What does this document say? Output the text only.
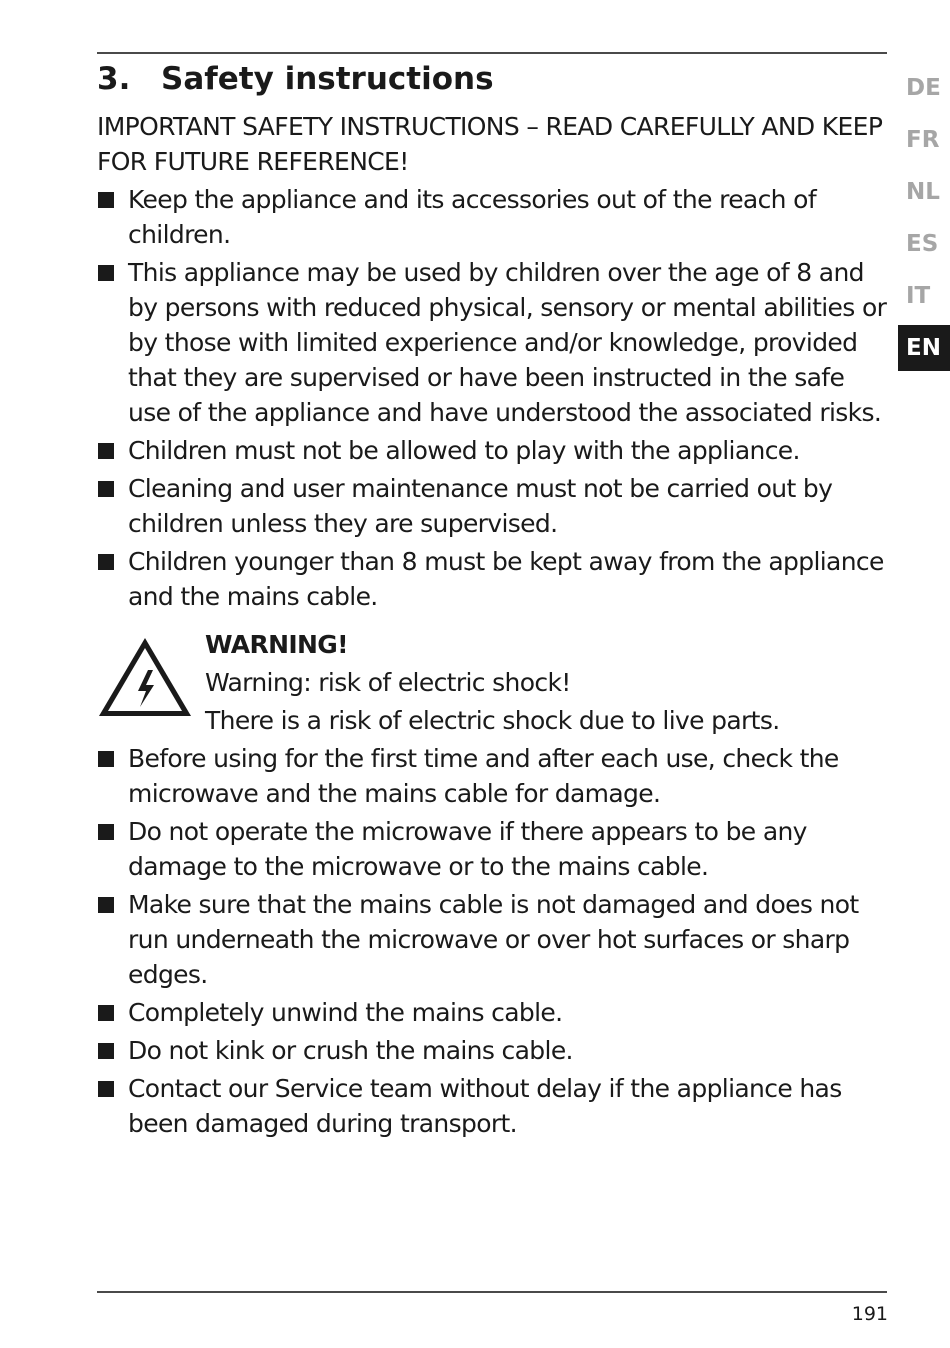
3. Safety instructions

IMPORTANT SAFETY INSTRUCTIONS – READ CAREFULLY AND KEEP FOR FUTURE REFERENCE!

Keep the appliance and its accessories out of the reach of children.
This appliance may be used by children over the age of 8 and by persons with reduced physical, sensory or mental abilities or by those with limited experience and/or knowledge, provided that they are supervised or have been instructed in the safe use of the appliance and have understood the associated risks.
Children must not be allowed to play with the appliance.
Cleaning and user maintenance must not be carried out by children unless they are supervised.
Children younger than 8 must be kept away from the appliance and the mains cable.
WARNING!
Warning: risk of electric shock!
There is a risk of electric shock due to live parts.
Before using for the first time and after each use, check the microwave and the mains cable for damage.
Do not operate the microwave if there appears to be any damage to the microwave or to the mains cable.
Make sure that the mains cable is not damaged and does not run underneath the microwave or over hot surfaces or sharp edges.
Completely unwind the mains cable.
Do not kink or crush the mains cable.
Contact our Service team without delay if the appliance has been damaged during transport.
DE
FR
NL
ES
IT
EN
191
